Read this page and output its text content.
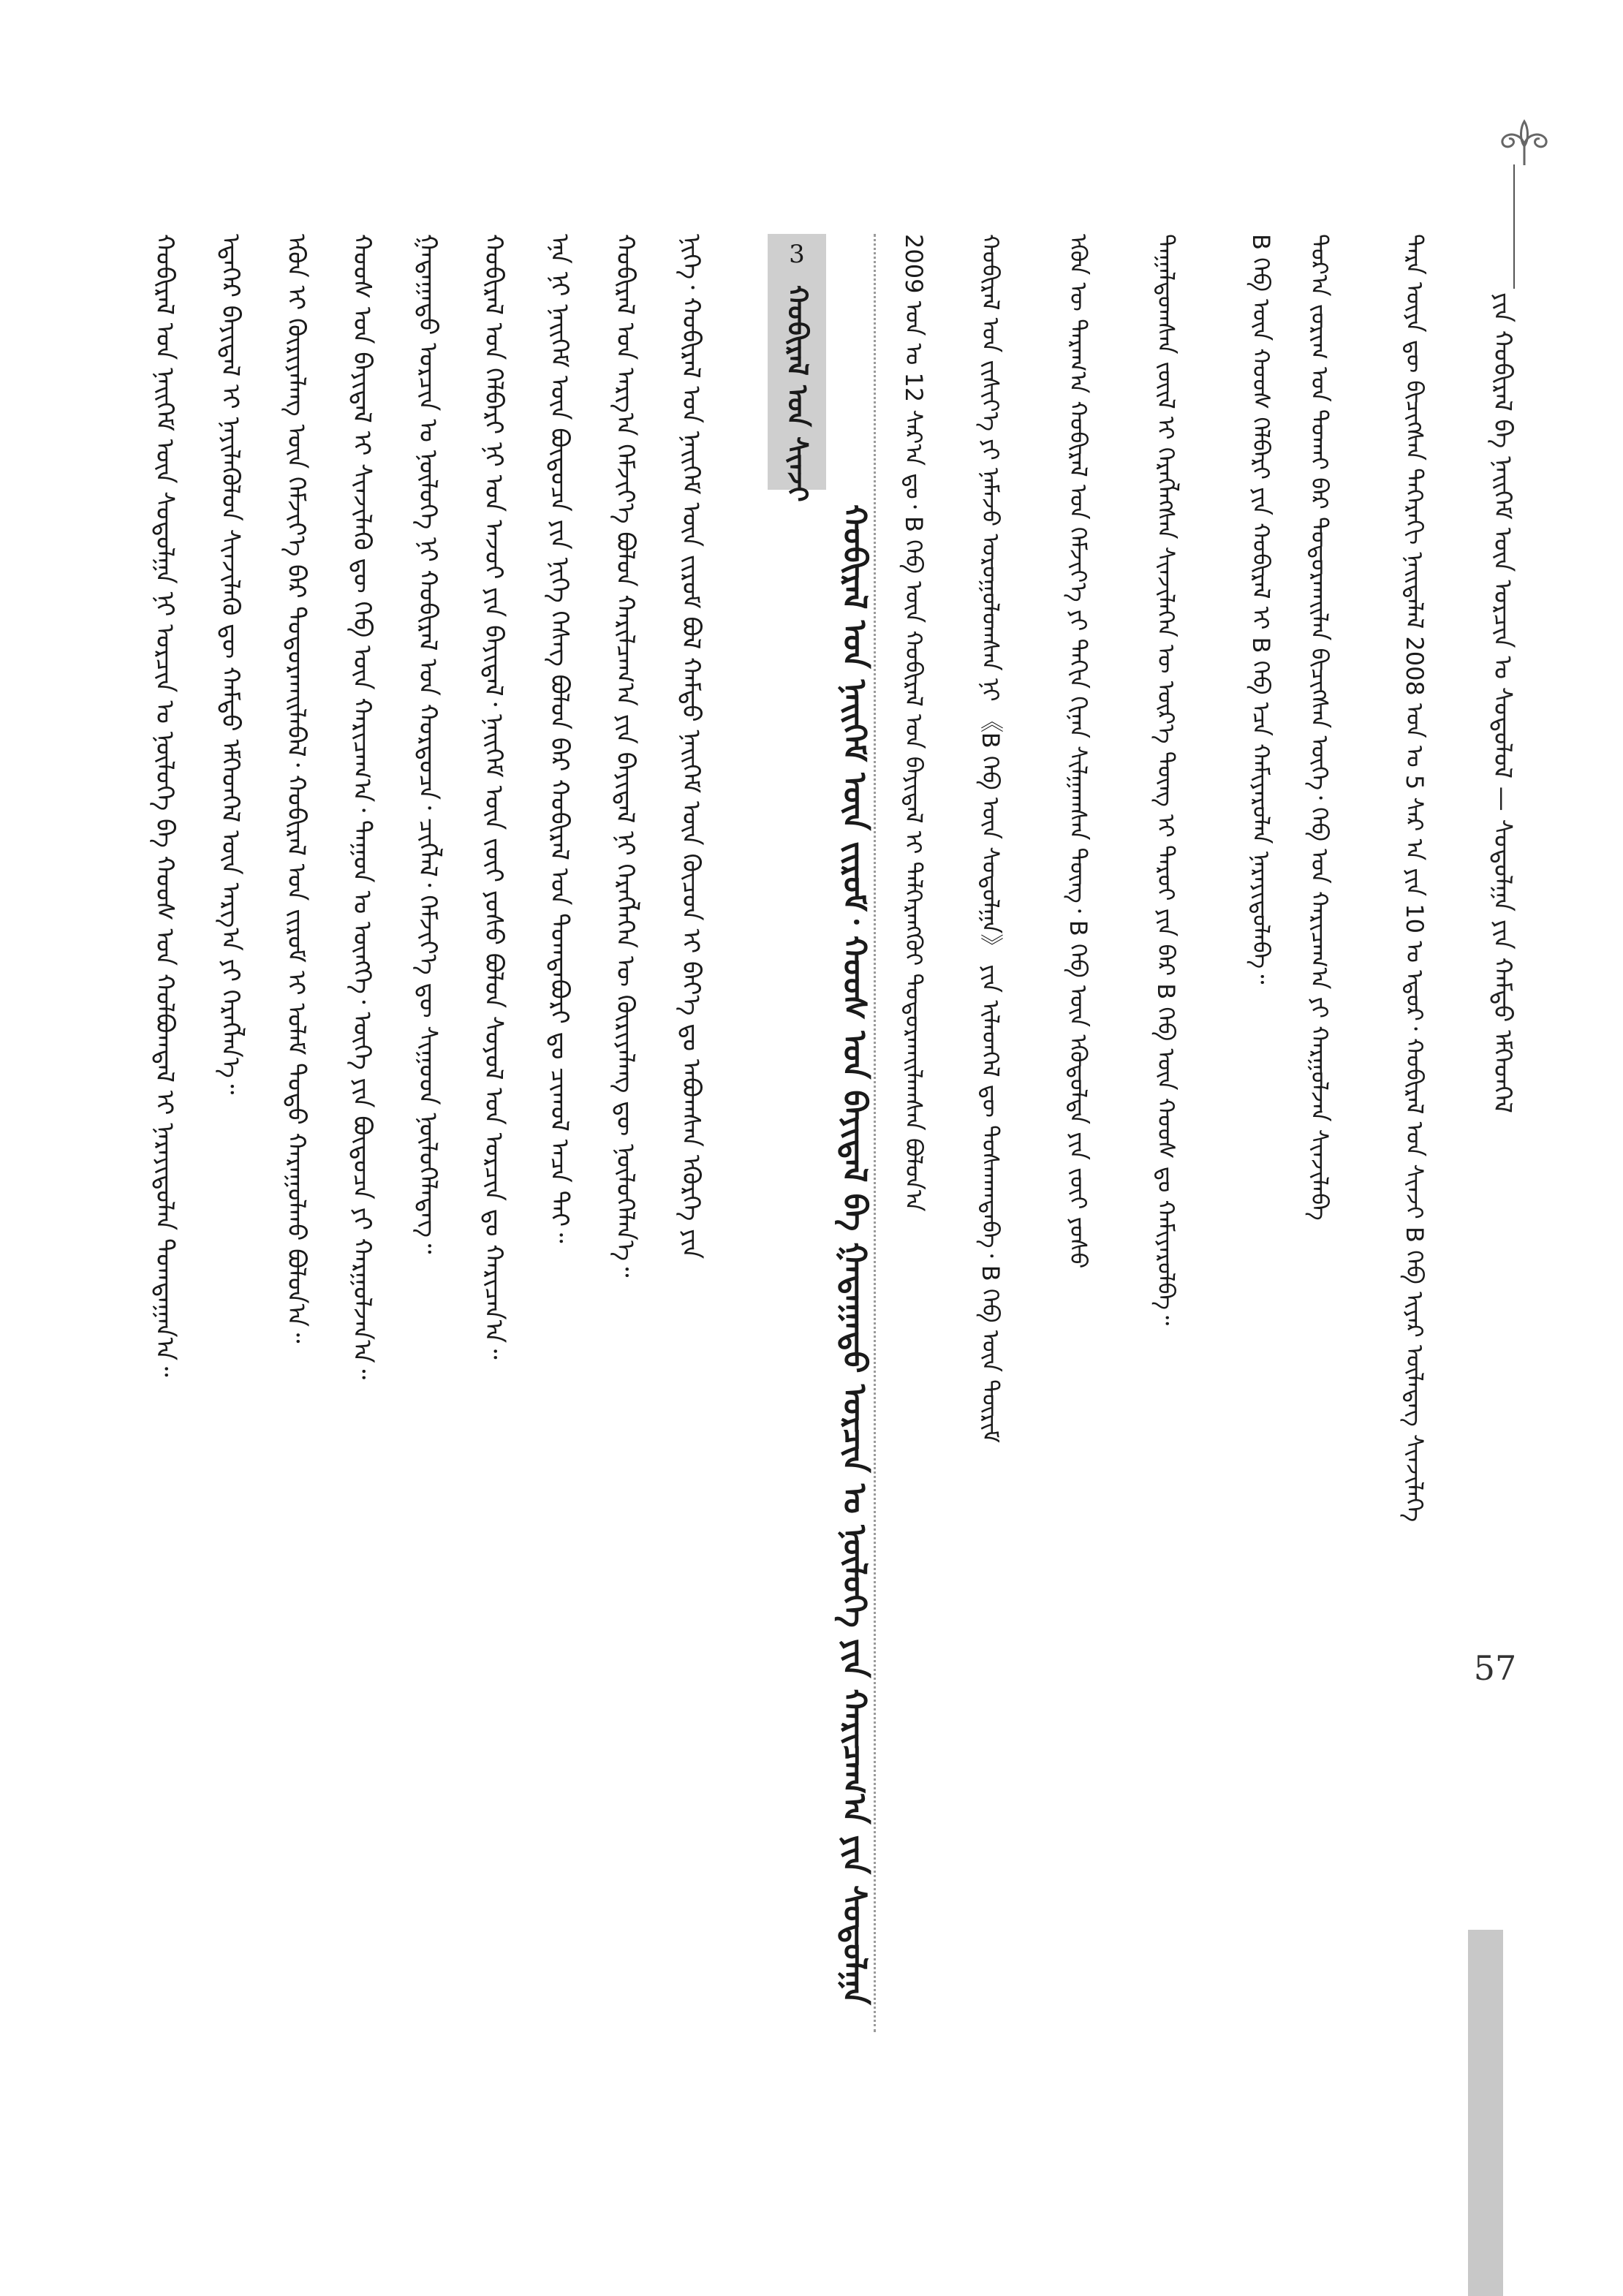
ᠶᠢᠨ ᠬᠤᠪᠢᠷᠠᠯ ᠪᠠ ᠨᠡᠢᠭᠡᠮ ᠦᠨ ᠣᠷᠴᠢᠨ ᠤ ᠰᠤᠳᠤᠯᠤᠯ — ᠰᠤᠳᠤᠯᠭᠠ ᠶᠢᠨ ᠬᠠᠮᠲᠤ ᠡᠮᠬᠡᠳᠭᠡᠯ
57
ᠲᠡᠷᠡ ᠦᠶᠡ ᠳᠦ ᠪᠢᠴᠢᠭᠰᠡᠨ ᠳᠡᠭᠡᠷᠡᠬᠢ ᠨᠡᠢᠲᠡᠯᠡᠯ 2008 ᠣᠨ ᠤ 5 ᠰᠠᠷ ᠠ ᠶᠢᠨ 10 ᠤ ᠡᠳᠦᠷ᠂ ᠬᠤᠪᠢᠷᠠᠯ ᠤᠨ ᠰᠢᠨᠵᠢ B ᠬᠡᠪ ᠢᠶᠡᠷ ᠦᠯᠡᠳᠡᠭ ᠰᠢᠨᠵᠢᠯᠡᠭᠡ
ᠳᠤᠷ᠎ᠠ ᠵᠣᠷᠢᠭ ᠤᠨ ᠲᠤᠬᠠᠢ ᠪᠠᠷ ᠲᠣᠳᠤᠷᠬᠠᠢᠯᠠᠨ ᠪᠢᠴᠢᠭᠰᠡᠨ ᠦᠭᠡ᠂ ᠬᠡᠪ ᠤᠨ ᠬᠠᠷᠢᠴᠠᠭ᠎ᠠ ᠶᠢ ᠬᠠᠷᠭᠤᠯᠵᠠᠨ ᠰᠢᠨᠵᠢᠯᠡᠪᠡ
B ᠬᠡᠪ ᠦᠨ ᠬᠣᠣᠰ ᠬᠡᠯᠪᠡᠷᠢ ᠶᠢᠨ ᠬᠤᠪᠢᠷᠠᠯ ᠢ B ᠬᠡᠪ ᠡᠴᠡ ᠬᠠᠮᠢᠶᠠᠷᠤᠯᠠᠨ ᠨᠡᠷᠡᠶᠢᠳᠦᠯᠡᠪᠡ᠃
ᠳᠠᠭᠠᠯᠳᠤᠭᠰᠠᠨ ᠵᠦᠢᠯ ᠢ ᠬᠡᠷᠡᠭᠯᠡᠭᠰᠡᠨ ᠰᠢᠨᠵᠢᠯᠡᠭᠡᠨ ᠦ ᠦᠷ᠎ᠡ ᠳᠦᠩ ᠢ ᠳᠠᠷᠤᠢ ᠶᠢᠨ ᠪᠠᠷ B ᠬᠡᠪ ᠦᠨ ᠬᠣᠣᠰ ᠳᠤ ᠬᠠᠮᠢᠶᠠᠷᠤᠯᠪᠠ᠃
ᠡᠭᠦᠨ ᠦ ᠳᠠᠷᠠᠭ᠎ᠠ ᠬᠤᠪᠢᠷᠠᠯ ᠤᠨ ᠬᠡᠮᠵᠢᠶ᠎ᠡ ᠶᠢ ᠳᠠᠬᠢᠨ ᠬᠢᠨᠠᠨ ᠰᠢᠯᠭᠠᠭᠰᠠᠨ ᠳᠦᠩ᠂ B ᠬᠡᠪ ᠦᠨ ᠡᠭᠦᠳᠦᠯᠲᠡ ᠶᠢᠨ ᠵᠦᠢ ᠶᠣᠰᠤ
ᠬᠤᠪᠢᠷᠠᠯ ᠤᠨ ᠵᠢᠱᠢᠶ᠎ᠡ ᠶᠢ ᠨᠡᠮᠡᠵᠦ ᠣᠷᠣᠭᠤᠯᠤᠭᠰᠠᠨ ᠨᠢ 《B ᠬᠡᠪ ᠦᠨ ᠰᠤᠳᠤᠯᠭᠠ》 ᠶᠢᠨ ᠢᠯᠡᠳᠬᠡᠯ ᠳᠦ ᠲᠤᠰᠬᠠᠭᠳᠠᠪᠠ᠂ B ᠬᠡᠪ ᠦᠨ ᠳᠦᠷᠢᠮ
2009 ᠣᠨ ᠤ 12 ᠰᠠᠷ᠎ᠠ ᠳᠤ᠂ B ᠬᠡᠪ ᠦᠨ ᠬᠤᠪᠢᠷᠠᠯ ᠤᠨ ᠪᠠᠶᠢᠳᠠᠯ ᠢ ᠳᠡᠯᠭᠡᠷᠡᠩᠭᠦᠢ ᠲᠣᠳᠤᠷᠬᠠᠢᠯᠠᠭᠰᠠᠨ ᠪᠤᠯᠤᠨ᠎ᠠ
3
ᠬᠤᠪᠢᠷᠠᠯ ᠤᠨ ᠰᠢᠨᠵᠢ
ᠬᠤᠪᠢᠷᠠᠯ ᠤᠨ ᠨᠡᠢᠭᠡᠮ ᠦᠨ ᠵᠢᠷᠤᠮ᠂ ᠬᠣᠣᠰ ᠤᠨ ᠪᠠᠶᠢᠳᠠᠯ ᠪᠠ ᠭᠠᠳᠠᠭᠠᠳᠤ ᠣᠷᠴᠢᠨ ᠤ ᠨᠥᠯᠦᠭᠡ ᠶᠢᠨ ᠬᠠᠷᠢᠴᠠᠭ᠎ᠠ ᠶᠢᠨ ᠰᠤᠳᠤᠯᠭᠠ
ᠨᠢᠭᠡ᠂ ᠬᠤᠪᠢᠷᠠᠯ ᠤᠨ ᠨᠡᠢᠭᠡᠮ ᠦᠨ ᠵᠢᠷᠤᠮ ᠪᠣᠯ ᠬᠠᠮᠲᠤ ᠨᠡᠢᠭᠡᠮ ᠦᠨ ᠬᠦᠴᠦᠨ ᠢ ᠪᠡᠶ᠎ᠡ ᠳᠤ ᠠᠪᠤᠭᠰᠠᠨ ᠡᠭᠦᠷᠭᠡ ᠶᠢᠨ
ᠬᠤᠪᠢᠷᠠᠯ ᠤᠨ ᠠᠷᠭ᠎ᠠ ᠬᠡᠮᠵᠢᠶ᠎ᠡ ᠪᠣᠯᠤᠨ ᠬᠠᠷᠢᠯᠴᠠᠭ᠎ᠠ ᠶᠢᠨ ᠪᠠᠶᠢᠳᠠᠯ ᠨᠢ ᠬᠡᠷᠡᠭᠯᠡᠭᠡᠨ ᠦ ᠬᠦᠷᠢᠶᠡᠯᠡᠩ ᠳᠦ ᠨᠦᠯᠦᠭᠡᠯᠡᠨ᠎ᠡ᠃
ᠡᠨᠡ ᠨᠢ ᠨᠡᠢᠭᠡᠮ ᠦᠨ ᠪᠦᠲᠦᠴᠡ ᠶᠢᠨ ᠨᠢᠭᠡ ᠬᠡᠰᠡᠭ ᠪᠣᠯᠤᠨ ᠪᠡᠷ ᠬᠤᠪᠢᠷᠠᠯ ᠤᠨ ᠲᠣᠭᠲᠠᠪᠤᠷᠢ ᠳᠤ ᠴᠢᠬᠤᠯ ᠠᠴᠠ ᠲᠠᠢ᠃
ᠬᠤᠪᠢᠷᠠᠯ ᠤᠨ ᠬᠡᠯᠪᠡᠷᠢ ᠨᠢ ᠡᠳ ᠠᠵᠤᠢ ᠶᠢᠨ ᠪᠠᠶᠢᠳᠠᠯ᠂ ᠨᠡᠢᠭᠡᠮ ᠦᠨ ᠵᠦᠢ ᠶᠣᠰᠤ ᠪᠣᠯᠤᠨ ᠰᠣᠶᠣᠯ ᠤᠨ ᠣᠷᠴᠢᠨ ᠳᠤ ᠬᠠᠷᠢᠴᠠᠨ᠎ᠠ᠃
ᠭᠠᠳᠠᠭᠠᠳᠤ ᠣᠷᠴᠢᠨ ᠤ ᠨᠥᠯᠦᠭᠡ ᠨᠢ ᠬᠤᠪᠢᠷᠠᠯ ᠤᠨ ᠬᠤᠷᠳᠤᠴᠠ᠂ ᠴᠢᠭᠯᠡᠯ᠂ ᠬᠡᠮᠵᠢᠶ᠎ᠡ ᠳᠦ ᠰᠢᠭ᠋ᠤᠳ ᠨᠥᠯᠦᠭᠡᠯᠡᠳᠡᠭ᠃
ᠬᠣᠣᠰ ᠤᠨ ᠪᠠᠶᠢᠳᠠᠯ ᠢ ᠰᠢᠨᠵᠢᠯᠡᠬᠦ ᠳᠦ ᠬᠡᠪ ᠦᠨ ᠬᠠᠷᠢᠴᠠᠭ᠎ᠠ᠂ ᠳᠠᠭᠤᠨ ᠤ ᠥᠩᠭᠡ᠂ ᠦᠭᠡ ᠶᠢᠨ ᠪᠦᠲᠦᠴᠡ ᠶᠢ ᠬᠠᠷᠭᠤᠯᠵᠠᠨ᠎ᠠ᠃
ᠡᠭᠦᠨ ᠢ ᠬᠦᠷᠢᠶᠡᠯᠡᠩ ᠦᠨ ᠬᠡᠮᠵᠢᠶ᠎ᠡ ᠪᠠᠷ ᠲᠣᠳᠤᠷᠬᠠᠢᠯᠠᠪᠠᠯ᠂ ᠬᠤᠪᠢᠷᠠᠯ ᠤᠨ ᠵᠢᠷᠤᠮ ᠢ ᠤᠯᠠᠮ ᠲᠣᠳᠤ ᠬᠠᠷᠠᠭᠤᠯᠬᠤ ᠪᠣᠯᠤᠨ᠎ᠠ᠃
ᠡᠳᠡᠭᠡᠷ ᠪᠠᠶᠢᠳᠠᠯ ᠢ ᠨᠡᠶᠢᠯᠡᠭᠦᠯᠦᠨ ᠰᠢᠨᠵᠢᠯᠡᠬᠦ ᠳᠦ ᠬᠠᠮᠲᠤ ᠡᠮᠬᠡᠳᠭᠡᠯ ᠦᠨ ᠠᠷᠭ᠎ᠠ ᠶᠢ ᠬᠡᠷᠡᠭᠯᠡᠨ᠎ᠡ᠃
ᠬᠤᠪᠢᠷᠠᠯ ᠤᠨ ᠨᠡᠢᠭᠡᠮ ᠦᠨ ᠰᠤᠳᠤᠯᠭᠠ ᠨᠢ ᠣᠷᠴᠢᠨ ᠤ ᠨᠥᠯᠦᠭᠡ ᠪᠠ ᠬᠣᠣᠰ ᠤᠨ ᠬᠣᠯᠪᠣᠭᠳᠠᠯ ᠢ ᠨᠡᠷᠡᠶᠢᠳᠦᠯᠡᠨ ᠲᠣᠭᠲᠠᠭᠠᠨ᠎ᠠ᠃
